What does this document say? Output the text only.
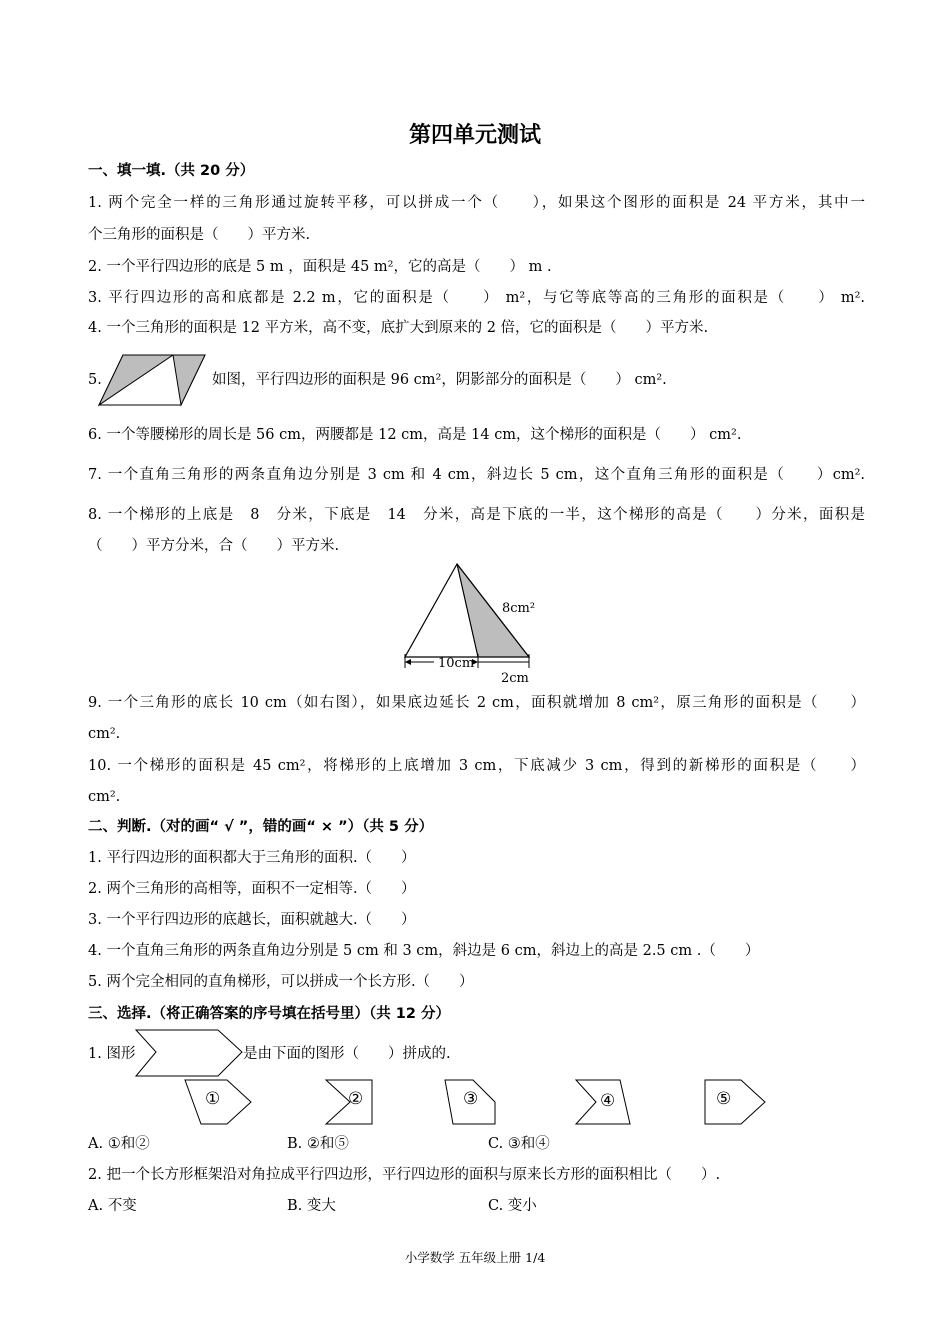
第四单元测试
一、填一填.（共 20 分）
1. 两个完全一样的三角形通过旋转平移，可以拼成一个（　　），如果这个图形的面积是 24 平方米，其中一
个三角形的面积是（　　）平方米.
2. 一个平行四边形的底是 5 m ，面积是 45 m²，它的高是（　　） m .
3. 平行四边形的高和底都是 2.2 m，它的面积是（　　） m²，与它等底等高的三角形的面积是（　　） m².
4. 一个三角形的面积是 12 平方米，高不变，底扩大到原来的 2 倍，它的面积是（　　）平方米.
5.	如图，平行四边形的面积是 96 cm²，阴影部分的面积是（　　） cm².
6. 一个等腰梯形的周长是 56 cm，两腰都是 12 cm，高是 14 cm，这个梯形的面积是（　　） cm².
7. 一个直角三角形的两条直角边分别是 3 cm 和 4 cm，斜边长 5 cm，这个直角三角形的面积是（　　）cm².
8. 一个梯形的上底是　8　分米，下底是　14　分米，高是下底的一半，这个梯形的高是（　　）分米，面积是
（　　）平方分米，合（　　）平方米.
8cm²
10cm
2cm
9. 一个三角形的底长 10 cm（如右图），如果底边延长 2 cm，面积就增加 8 cm²，原三角形的面积是（　　）
cm².
10. 一个梯形的面积是 45 cm²，将梯形的上底增加 3 cm，下底减少 3 cm，得到的新梯形的面积是（　　）
cm².
二、判断.（对的画“ √ ”，错的画“ × ”）（共 5 分）
1. 平行四边形的面积都大于三角形的面积.（　　）
2. 两个三角形的高相等，面积不一定相等.（　　）
3. 一个平行四边形的底越长，面积就越大.（　　）
4. 一个直角三角形的两条直角边分别是 5 cm 和 3 cm，斜边是 6 cm，斜边上的高是 2.5 cm .（　　）
5. 两个完全相同的直角梯形，可以拼成一个长方形.（　　）
三、选择.（将正确答案的序号填在括号里）（共 12 分）
1. 图形	是由下面的图形（　　）拼成的.
①	②	③	④	⑤
A. ①和②	B. ②和⑤	C. ③和④
2. 把一个长方形框架沿对角拉成平行四边形，平行四边形的面积与原来长方形的面积相比（　　）.
A. 不变	B. 变大	C. 变小
小学数学 五年级上册 1/4
